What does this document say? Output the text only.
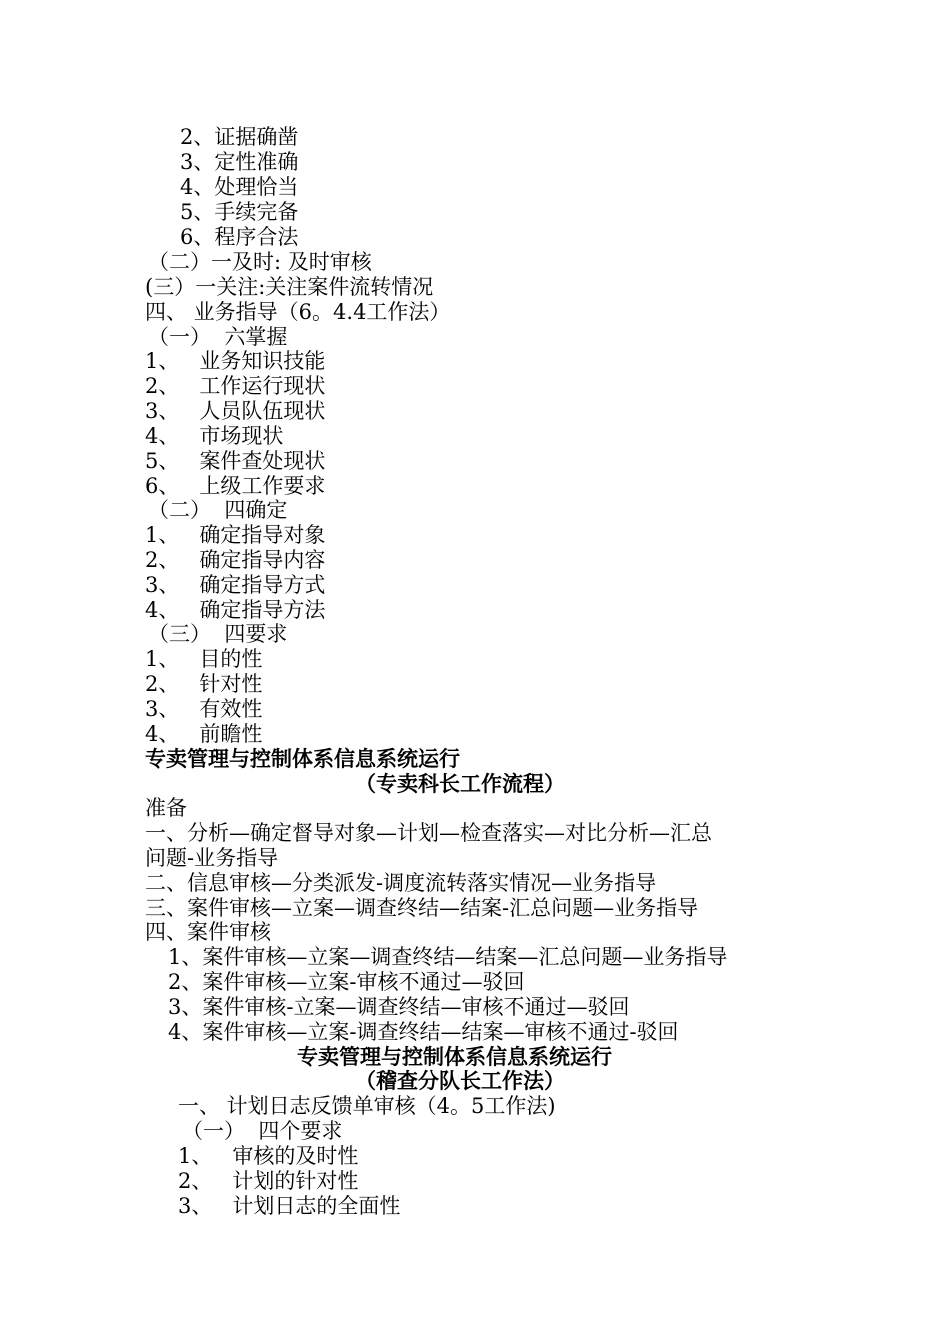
2、证据确凿
3、定性准确
4、处理恰当
5、手续完备
6、程序合法
（二）一及时: 及时审核
(三）一关注:关注案件流转情况
四、 业务指导（6。4.4工作法）
（一）  六掌握
1、   业务知识技能
2、   工作运行现状
3、   人员队伍现状
4、   市场现状
5、   案件查处现状
6、   上级工作要求
（二）  四确定
1、   确定指导对象
2、   确定指导内容
3、   确定指导方式
4、   确定指导方法
（三）  四要求
1、   目的性
2、   针对性
3、   有效性
4、   前瞻性
专卖管理与控制体系信息系统运行
（专卖科长工作流程）
准备
一、分析—确定督导对象—计划—检查落实—对比分析—汇总
问题-业务指导
二、信息审核—分类派发-调度流转落实情况—业务指导
三、案件审核—立案—调查终结—结案-汇总问题—业务指导
四、案件审核
1、案件审核—立案—调查终结—结案—汇总问题—业务指导
2、案件审核—立案-审核不通过—驳回
3、案件审核-立案—调查终结—审核不通过—驳回
4、案件审核—立案-调查终结—结案—审核不通过-驳回
专卖管理与控制体系信息系统运行
（稽查分队长工作法）
一、 计划日志反馈单审核（4。5工作法)
（一）  四个要求
1、   审核的及时性
2、   计划的针对性
3、   计划日志的全面性
